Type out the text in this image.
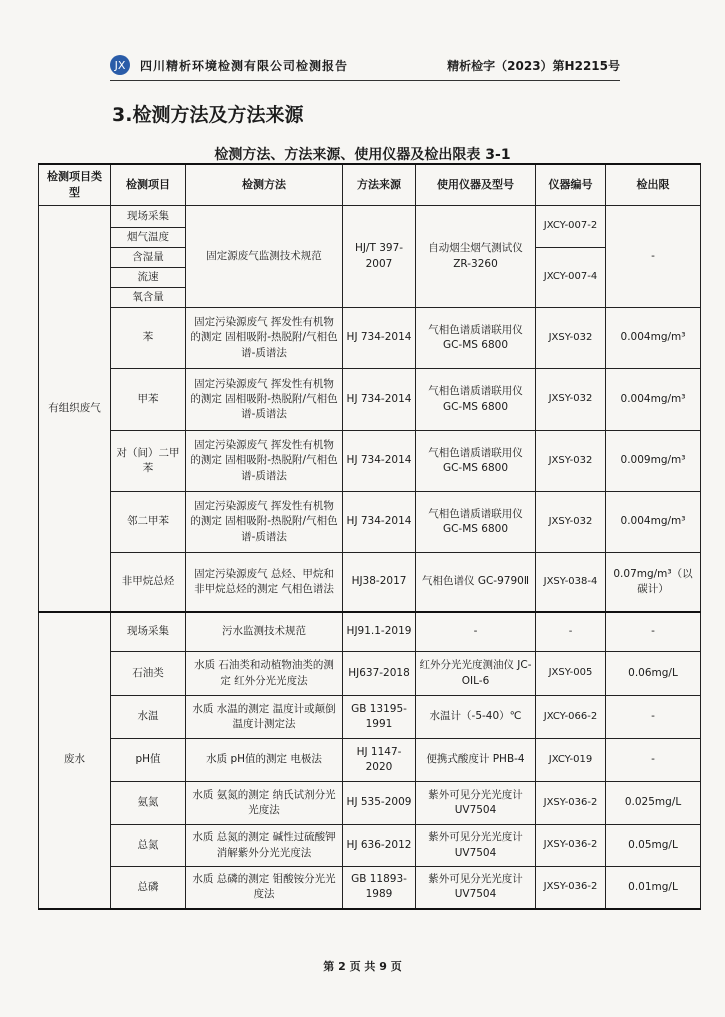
JX	四川精析环境检测有限公司检测报告	精析检字（2023）第H2215号
3.检测方法及方法来源
检测方法、方法来源、使用仪器及检出限表 3-1
检测项目类型	检测项目	检测方法	方法来源	使用仪器及型号	仪器编号	检出限
有组织废气	现场采集	固定源废气监测技术规范	HJ/T 397-2007	自动烟尘烟气测试仪 ZR-3260	JXCY-007-2	-
	烟气温度					
	含湿量				JXCY-007-4	
	流速					
	氧含量					
	苯	固定污染源废气 挥发性有机物的测定 固相吸附-热脱附/气相色谱-质谱法	HJ 734-2014	气相色谱质谱联用仪 GC-MS 6800	JXSY-032	0.004mg/m³
	甲苯	固定污染源废气 挥发性有机物的测定 固相吸附-热脱附/气相色谱-质谱法	HJ 734-2014	气相色谱质谱联用仪 GC-MS 6800	JXSY-032	0.004mg/m³
	对（间）二甲苯	固定污染源废气 挥发性有机物的测定 固相吸附-热脱附/气相色谱-质谱法	HJ 734-2014	气相色谱质谱联用仪 GC-MS 6800	JXSY-032	0.009mg/m³
	邻二甲苯	固定污染源废气 挥发性有机物的测定 固相吸附-热脱附/气相色谱-质谱法	HJ 734-2014	气相色谱质谱联用仪 GC-MS 6800	JXSY-032	0.004mg/m³
	非甲烷总烃	固定污染源废气 总烃、甲烷和非甲烷总烃的测定 气相色谱法	HJ38-2017	气相色谱仪 GC-9790Ⅱ	JXSY-038-4	0.07mg/m³（以碳计）
废水	现场采集	污水监测技术规范	HJ91.1-2019	-	-	-
	石油类	水质 石油类和动植物油类的测定 红外分光光度法	HJ637-2018	红外分光光度测油仪 JC-OIL-6	JXSY-005	0.06mg/L
	水温	水质 水温的测定 温度计或颠倒温度计测定法	GB 13195-1991	水温计（-5-40）℃	JXCY-066-2	-
	pH值	水质 pH值的测定 电极法	HJ 1147-2020	便携式酸度计 PHB-4	JXCY-019	-
	氨氮	水质 氨氮的测定 纳氏试剂分光光度法	HJ 535-2009	紫外可见分光光度计 UV7504	JXSY-036-2	0.025mg/L
	总氮	水质 总氮的测定 碱性过硫酸钾消解紫外分光光度法	HJ 636-2012	紫外可见分光光度计 UV7504	JXSY-036-2	0.05mg/L
	总磷	水质 总磷的测定 钼酸铵分光光度法	GB 11893-1989	紫外可见分光光度计 UV7504	JXSY-036-2	0.01mg/L
第 2 页 共 9 页
